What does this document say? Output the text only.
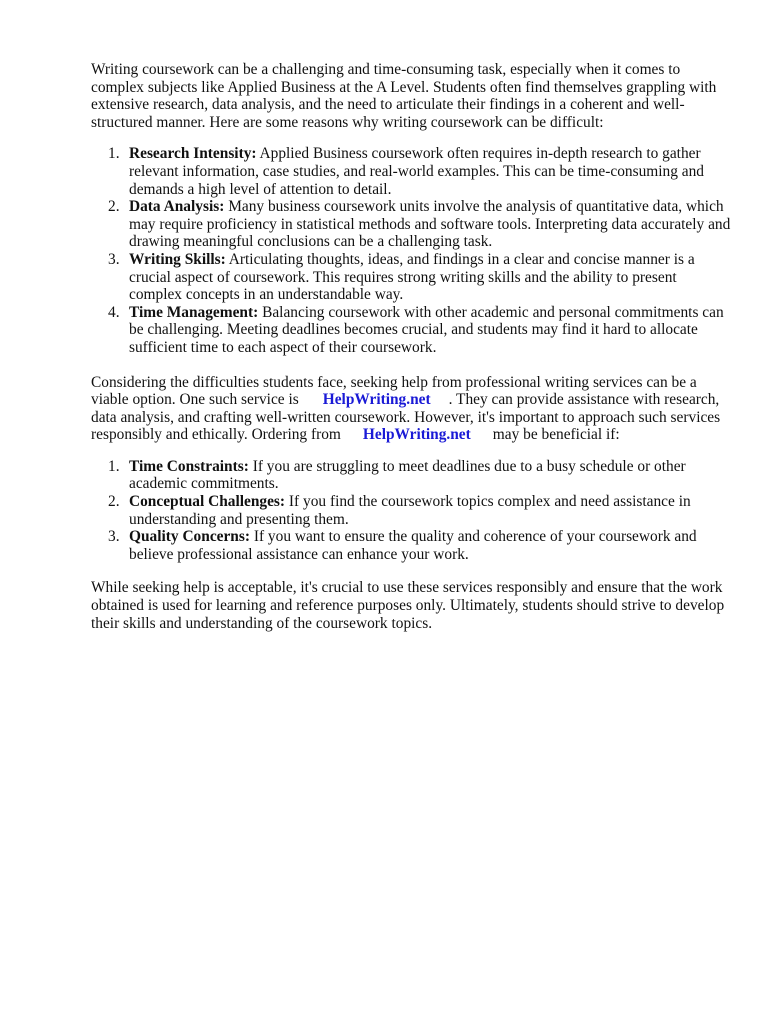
Writing coursework can be a challenging and time-consuming task, especially when it comes to complex subjects like Applied Business at the A Level. Students often find themselves grappling with extensive research, data analysis, and the need to articulate their findings in a coherent and well-structured manner. Here are some reasons why writing coursework can be difficult:

1. Research Intensity: Applied Business coursework often requires in-depth research to gather relevant information, case studies, and real-world examples. This can be time-consuming and demands a high level of attention to detail.
2. Data Analysis: Many business coursework units involve the analysis of quantitative data, which may require proficiency in statistical methods and software tools. Interpreting data accurately and drawing meaningful conclusions can be a challenging task.
3. Writing Skills: Articulating thoughts, ideas, and findings in a clear and concise manner is a crucial aspect of coursework. This requires strong writing skills and the ability to present complex concepts in an understandable way.
4. Time Management: Balancing coursework with other academic and personal commitments can be challenging. Meeting deadlines becomes crucial, and students may find it hard to allocate sufficient time to each aspect of their coursework.

Considering the difficulties students face, seeking help from professional writing services can be a viable option. One such service is HelpWriting.net . They can provide assistance with research, data analysis, and crafting well-written coursework. However, it's important to approach such services responsibly and ethically. Ordering from HelpWriting.net may be beneficial if:

1. Time Constraints: If you are struggling to meet deadlines due to a busy schedule or other academic commitments.
2. Conceptual Challenges: If you find the coursework topics complex and need assistance in understanding and presenting them.
3. Quality Concerns: If you want to ensure the quality and coherence of your coursework and believe professional assistance can enhance your work.

While seeking help is acceptable, it's crucial to use these services responsibly and ensure that the work obtained is used for learning and reference purposes only. Ultimately, students should strive to develop their skills and understanding of the coursework topics.
